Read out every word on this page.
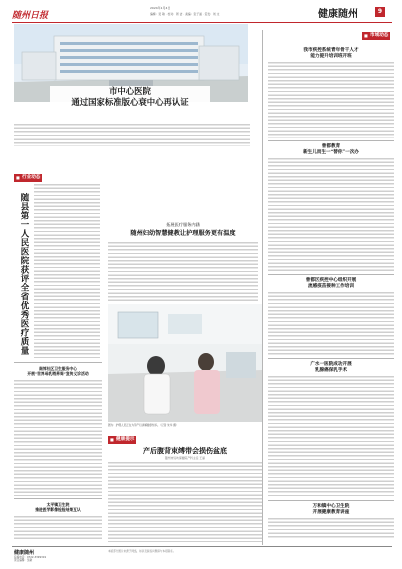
随州日报
2024年1月4日
编辑：吴 敏 · 校对：周 洁 · 美编：张子涵 · 签发：刘 文	健康随州	9
市中心医院
通过国家标准版心衰中心再认证
■ 市域动态
我市疾控系统青年骨干人才
能力提升培训班开班
曾都教育
新生儿而生一“替你”一次办
曾都区疾控中心组织开展
流感疫苗接种工作培训
广水一医院成功开展
乳腺癌保乳手术
万和镇中心卫生院
开展健康教育讲座
■ 行业动态
随县第一人民医院获评全省优秀医疗质量
南郊社区卫生服务中心
开展“世界母乳喂养周”宣传义诊活动
太平镇卫生院
推进医学影像检验结果互认
拓展医疗服务内涵
随州妇幼智慧健教让护理服务更有温度
图为：护理人员正在为孕产妇讲解健康知识。（记者 朱华 摄）
■ 健康提示
产后腹背束缚带会损伤盆底
随州市妇幼保健院产科主任 王丽
健康随州
投稿电话：0722-3399319
责任编辑：吴敏
本版部分图片来源于网络，如涉及版权问题请与本报联系。
